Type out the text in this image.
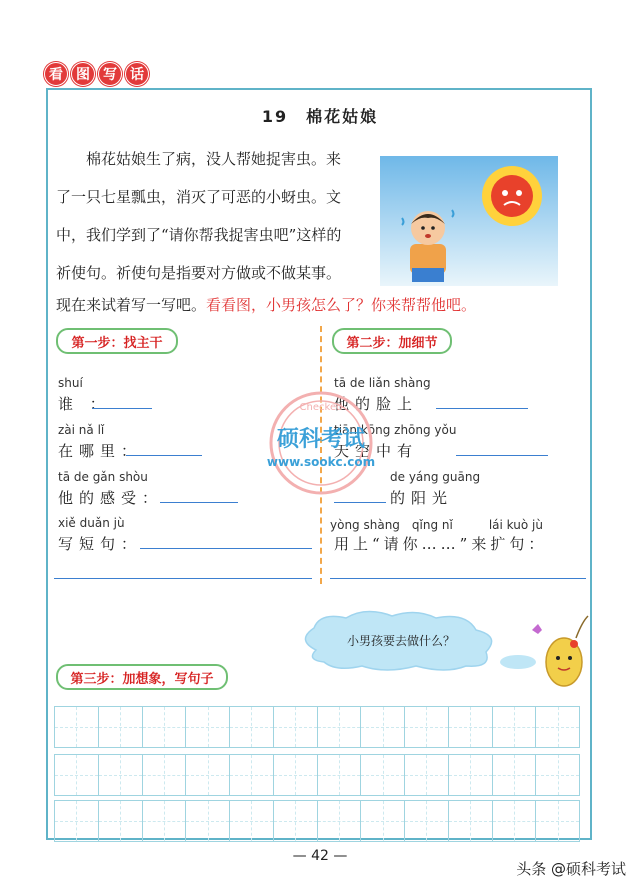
看 图 写 话
19　棉花姑娘

　　棉花姑娘生了病，没人帮她捉害虫。来

了一只七星瓢虫，消灭了可恶的小蚜虫。文

中，我们学到了“请你帮我捉害虫吧”这样的

祈使句。祈使句是指要对方做或不做某事。

现在来试着写一写吧。看看图，小男孩怎么了？你来帮帮他吧。
第一步：找主干	第二步：加细节
shuí
谁 ：
zài nǎ lǐ
在哪里：
tā de gǎn shòu
他的感受：
xiě duǎn jù
写短句：
tā de liǎn shàng
他的脸上
tiān kōng zhōng yǒu
天空中有
de yáng guāng
的阳光
yòng shàng　qǐng nǐ　　　lái kuò jù
用上“请你……”来扩句：
Checked
硕科考试
www.sookc.com
小男孩要去做什么？
第三步：加想象，写句子
— 42 —
头条 @硕科考试
